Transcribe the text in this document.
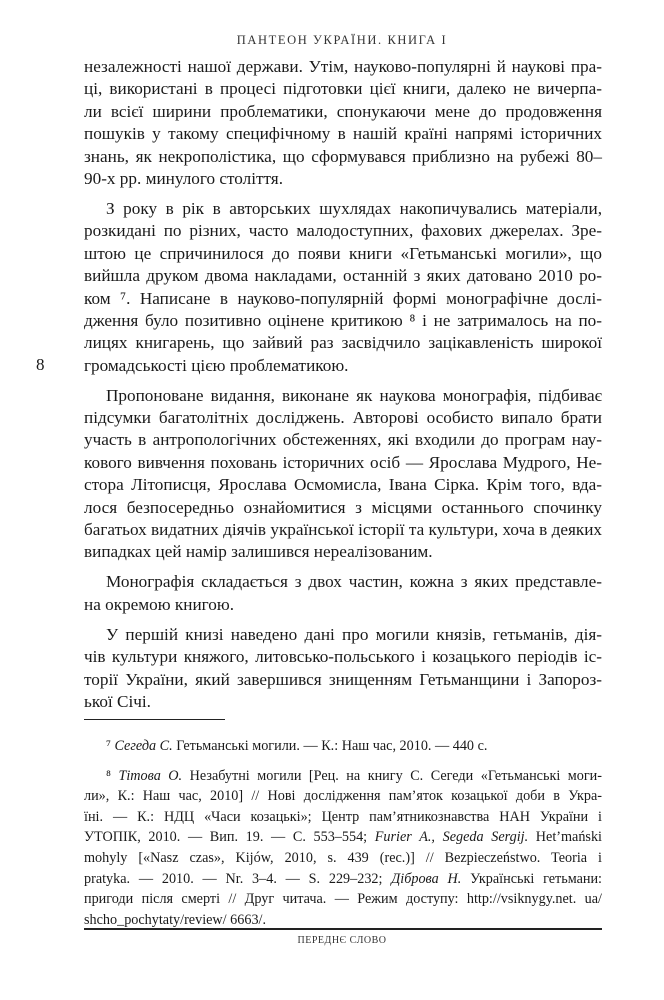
ПАНТЕОН УКРАЇНИ. КНИГА І
8
незалежності нашої держави. Утім, науково-популярні й наукові пра-
ці, використані в процесі підготовки цієї книги, далеко не вичерпа-
ли всієї ширини проблематики, спонукаючи мене до продовження
пошуків у такому специфічному в нашій країні напрямі історичних
знань, як некрополістика, що сформувався приблизно на рубежі 80–
90-х рр. минулого століття.
З року в рік в авторських шухлядах накопичувались матеріали,
розкидані по різних, часто малодоступних, фахових джерелах. Зре-
штою це спричинилося до появи книги «Гетьманські могили», що
вийшла друком двома накладами, останній з яких датовано 2010 ро-
ком ⁷. Написане в науково-популярній формі монографічне дослі-
дження було позитивно оцінене критикою ⁸ і не затрималось на по-
лицях книгарень, що зайвий раз засвідчило зацікавленість широкої
громадськості цією проблематикою.
Пропоноване видання, виконане як наукова монографія, підбиває
підсумки багатолітніх досліджень. Авторові особисто випало брати
участь в антропологічних обстеженнях, які входили до програм нау-
кового вивчення поховань історичних осіб — Ярослава Мудрого, Не-
стора Літописця, Ярослава Осмомисла, Івана Сірка. Крім того, вда-
лося безпосередньо ознайомитися з місцями останнього спочинку
багатьох видатних діячів української історії та культури, хоча в деяких
випадках цей намір залишився нереалізованим.
Монографія складається з двох частин, кожна з яких представле-
на окремою книгою.
У першій книзі наведено дані про могили князів, гетьманів, дія-
чів культури княжого, литовсько-польського і козацького періодів іс-
торії України, який завершився знищенням Гетьманщини і Запороз-
ької Січі.
⁷ Сегеда С. Гетьманські могили. — К.: Наш час, 2010. — 440 с.
⁸ Тітова О. Незабутні могили [Рец. на книгу С. Сегеди «Гетьманські моги-
ли», К.: Наш час, 2010] // Нові дослідження пам’яток козацької доби в Укра-
їні. — К.: НДЦ «Часи козацькі»; Центр пам’ятникознавства НАН України і
УТОПІК, 2010. — Вип. 19. — С. 553–554; Furier A., Segeda Sergij. Het’mański
mohyly [«Nasz czas», Kijów, 2010, s. 439 (rec.)] // Bezpieczeństwo. Teoria i
pratyka. — 2010. — Nr. 3–4. — S. 229–232; Діброва Н. Українські гетьмани:
пригоди після смерті // Друг читача. — Режим доступу: http://vsiknygy.net. ua/
shcho_pochytaty/review/ 6663/.
ПЕРЕДНЄ СЛОВО
